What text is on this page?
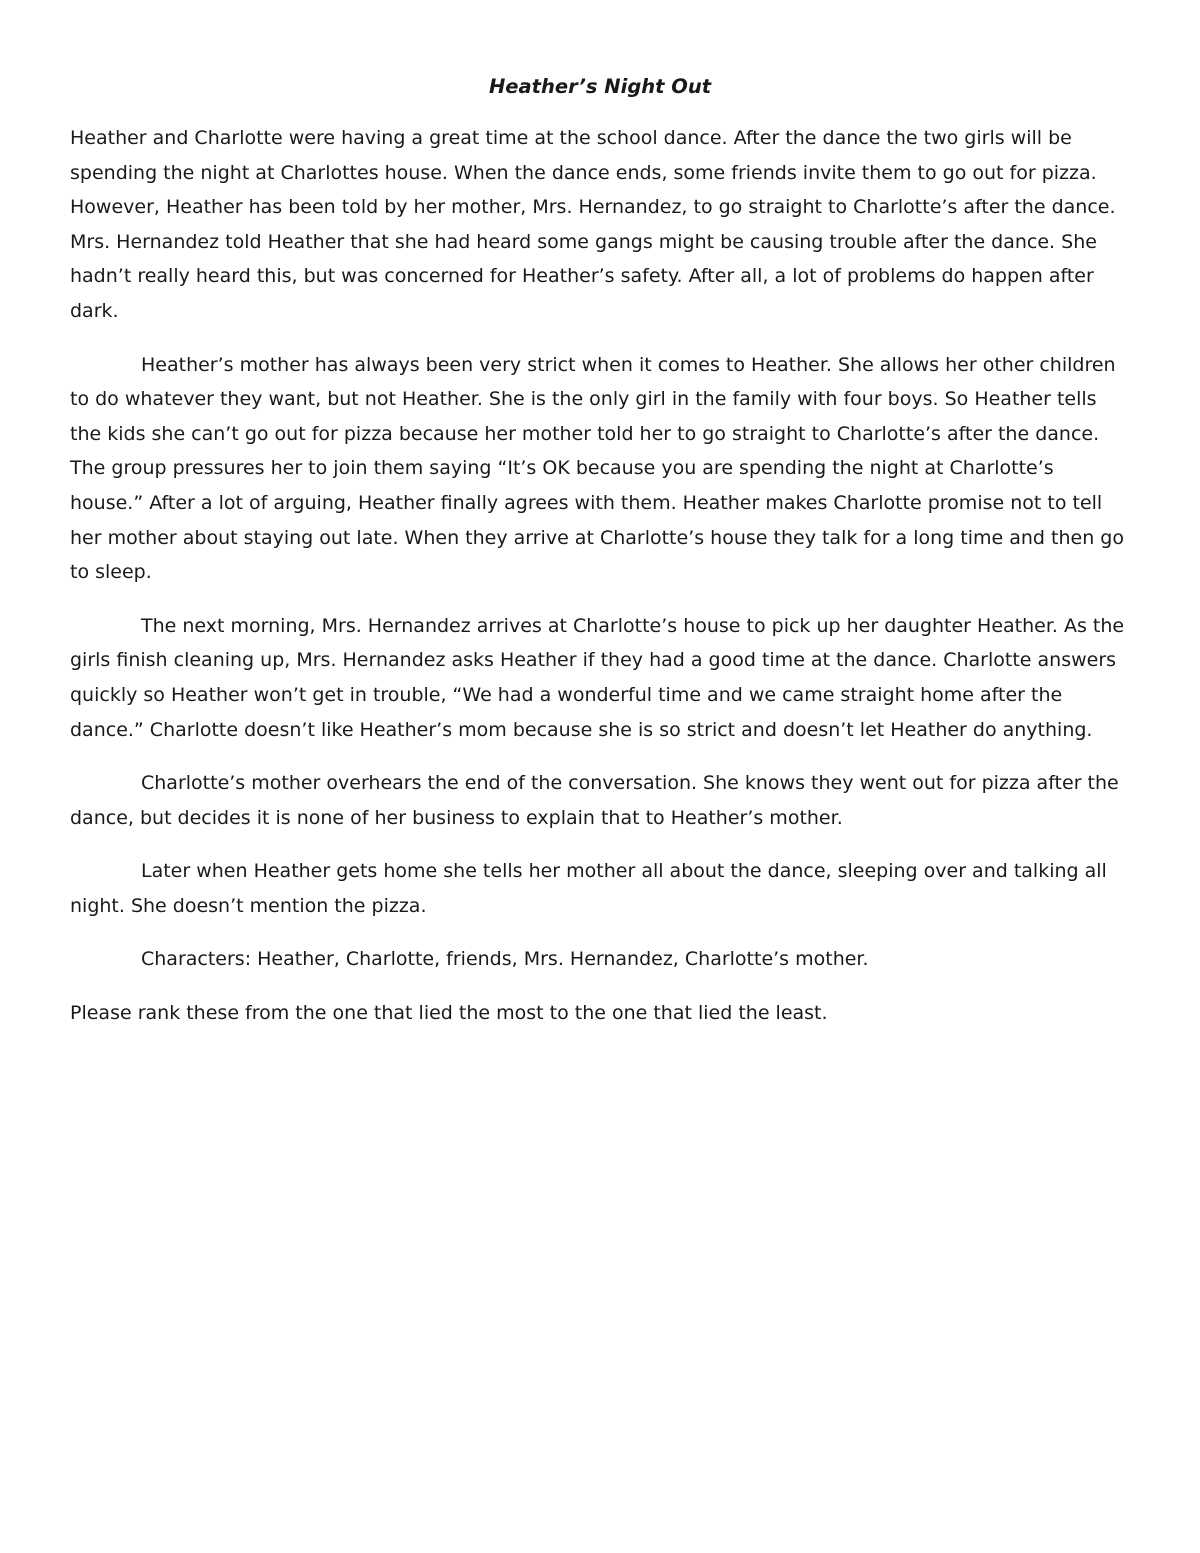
Heather’s Night Out

Heather and Charlotte were having a great time at the school dance. After the dance the two girls will be spending the night at Charlottes house. When the dance ends, some friends invite them to go out for pizza. However, Heather has been told by her mother, Mrs. Hernandez, to go straight to Charlotte’s after the dance. Mrs. Hernandez told Heather that she had heard some gangs might be causing trouble after the dance. She hadn’t really heard this, but was concerned for Heather’s safety. After all, a lot of problems do happen after dark.

Heather’s mother has always been very strict when it comes to Heather. She allows her other children to do whatever they want, but not Heather. She is the only girl in the family with four boys. So Heather tells the kids she can’t go out for pizza because her mother told her to go straight to Charlotte’s after the dance. The group pressures her to join them saying “It’s OK because you are spending the night at Charlotte’s house.” After a lot of arguing, Heather finally agrees with them. Heather makes Charlotte promise not to tell her mother about staying out late. When they arrive at Charlotte’s house they talk for a long time and then go to sleep.

The next morning, Mrs. Hernandez arrives at Charlotte’s house to pick up her daughter Heather. As the girls finish cleaning up, Mrs. Hernandez asks Heather if they had a good time at the dance. Charlotte answers quickly so Heather won’t get in trouble, “We had a wonderful time and we came straight home after the dance.” Charlotte doesn’t like Heather’s mom because she is so strict and doesn’t let Heather do anything.

Charlotte’s mother overhears the end of the conversation. She knows they went out for pizza after the dance, but decides it is none of her business to explain that to Heather’s mother.

Later when Heather gets home she tells her mother all about the dance, sleeping over and talking all night. She doesn’t mention the pizza.

Characters: Heather, Charlotte, friends, Mrs. Hernandez, Charlotte’s mother.

Please rank these from the one that lied the most to the one that lied the least.
